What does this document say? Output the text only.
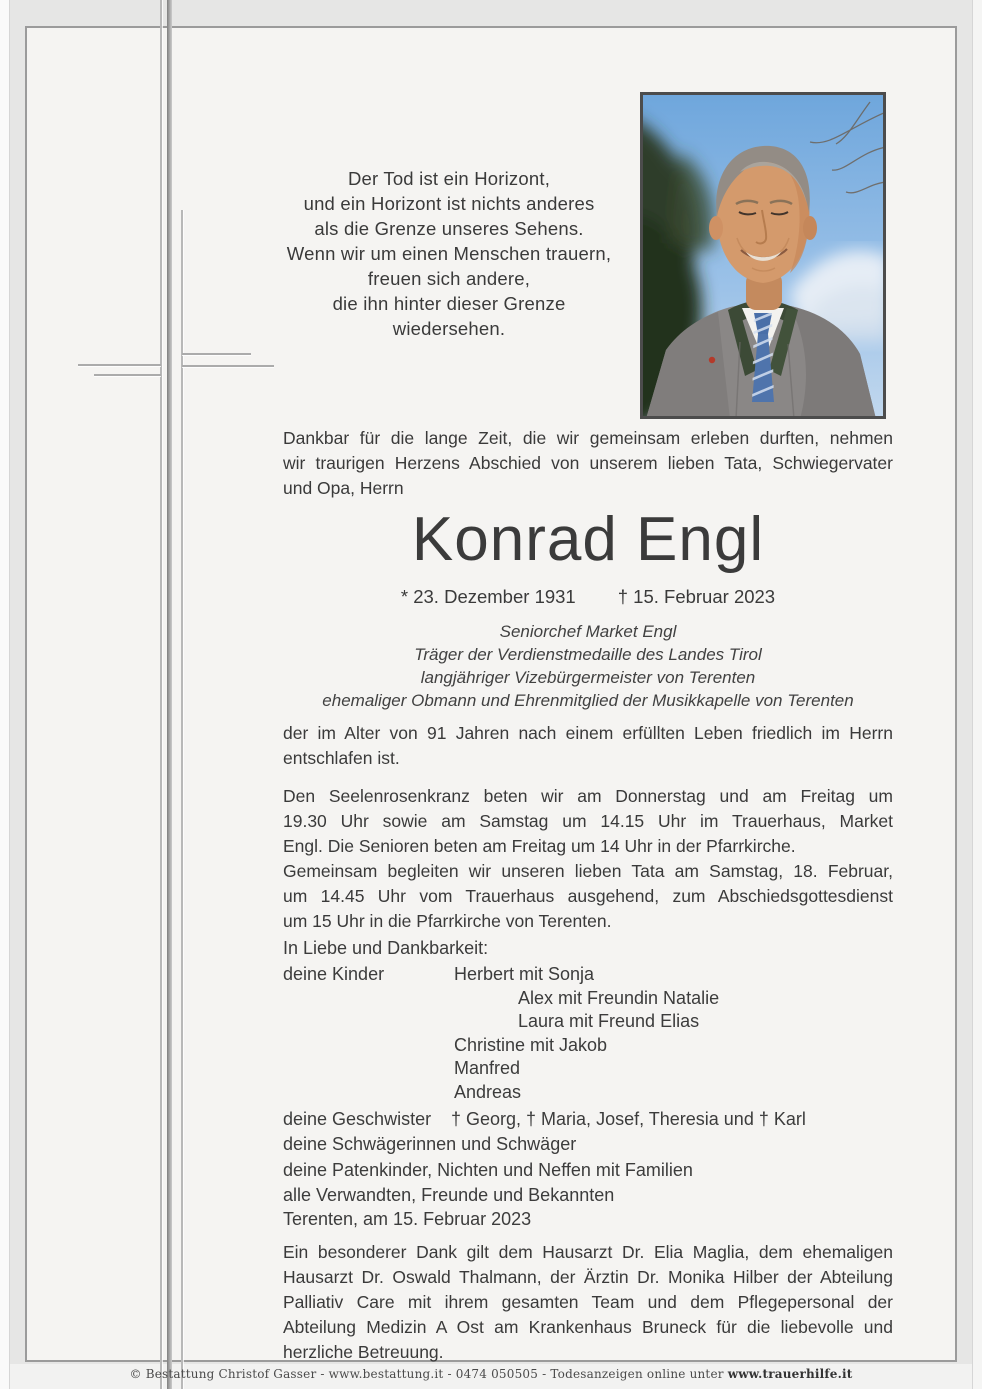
Der Tod ist ein Horizont,
und ein Horizont ist nichts anderes
als die Grenze unseres Sehens.
Wenn wir um einen Menschen trauern,
freuen sich andere,
die ihn hinter dieser Grenze
wiedersehen.
Dankbar für die lange Zeit, die wir gemeinsam erleben durften, nehmen
wir traurigen Herzens Abschied von unserem lieben Tata, Schwiegervater
und Opa, Herrn
Konrad Engl
* 23. Dezember 1931 † 15. Februar 2023
Seniorchef Market Engl
Träger der Verdienstmedaille des Landes Tirol
langjähriger Vizebürgermeister von Terenten
ehemaliger Obmann und Ehrenmitglied der Musikkapelle von Terenten
der im Alter von 91 Jahren nach einem erfüllten Leben friedlich im Herrn
entschlafen ist.
Den Seelenrosenkranz beten wir am Donnerstag und am Freitag um
19.30 Uhr sowie am Samstag um 14.15 Uhr im Trauerhaus, Market
Engl. Die Senioren beten am Freitag um 14 Uhr in der Pfarrkirche.
Gemeinsam begleiten wir unseren lieben Tata am Samstag, 18. Februar,
um 14.45 Uhr vom Trauerhaus ausgehend, zum Abschiedsgottesdienst
um 15 Uhr in die Pfarrkirche von Terenten.
In Liebe und Dankbarkeit:
deine Kinder	Herbert mit Sonja
Alex mit Freundin Natalie
Laura mit Freund Elias
Christine mit Jakob
Manfred
Andreas
deine Geschwister † Georg, † Maria, Josef, Theresia und † Karl
deine Schwägerinnen und Schwäger
deine Patenkinder, Nichten und Neffen mit Familien
alle Verwandten, Freunde und Bekannten
Terenten, am 15. Februar 2023
Ein besonderer Dank gilt dem Hausarzt Dr. Elia Maglia, dem ehemaligen
Hausarzt Dr. Oswald Thalmann, der Ärztin Dr. Monika Hilber der Abteilung
Palliativ Care mit ihrem gesamten Team und dem Pflegepersonal der
Abteilung Medizin A Ost am Krankenhaus Bruneck für die liebevolle und
herzliche Betreuung.
© Bestattung Christof Gasser - www.bestattung.it - 0474 050505 - Todesanzeigen online unter www.trauerhilfe.it
